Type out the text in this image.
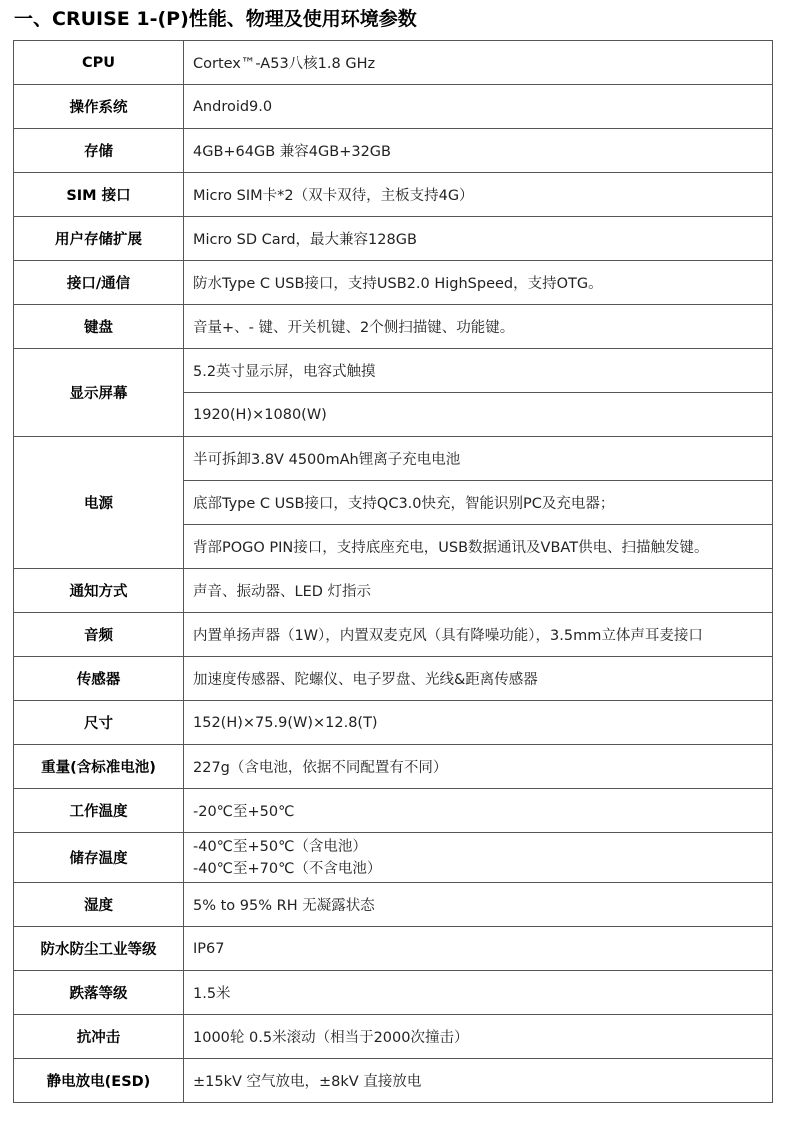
一、CRUISE 1-(P)性能、物理及使用环境参数
CPU	Cortex™-A53八核1.8 GHz
操作系统	Android9.0
存储	4GB+64GB 兼容4GB+32GB
SIM 接口	Micro SIM卡*2（双卡双待，主板支持4G）
用户存储扩展	Micro SD Card，最大兼容128GB
接口/通信	防水Type C USB接口，支持USB2.0 HighSpeed，支持OTG。
键盘	音量+、- 键、开关机键、2个侧扫描键、功能键。
显示屏幕	5.2英寸显示屏，电容式触摸
	1920(H)×1080(W)
电源	半可拆卸3.8V 4500mAh锂离子充电电池
	底部Type C USB接口，支持QC3.0快充，智能识别PC及充电器；
	背部POGO PIN接口，支持底座充电，USB数据通讯及VBAT供电、扫描触发键。
通知方式	声音、振动器、LED 灯指示
音频	内置单扬声器（1W），内置双麦克风（具有降噪功能），3.5mm立体声耳麦接口
传感器	加速度传感器、陀螺仪、电子罗盘、光线&距离传感器
尺寸	152(H)×75.9(W)×12.8(T)
重量(含标准电池)	227g（含电池，依据不同配置有不同）
工作温度	-20℃至+50℃
储存温度	-40℃至+50℃（含电池）
-40℃至+70℃（不含电池）

湿度	5% to 95% RH 无凝露状态
防水防尘工业等级	IP67
跌落等级	1.5米
抗冲击	1000轮 0.5米滚动（相当于2000次撞击）
静电放电(ESD)	±15kV 空气放电，±8kV 直接放电
